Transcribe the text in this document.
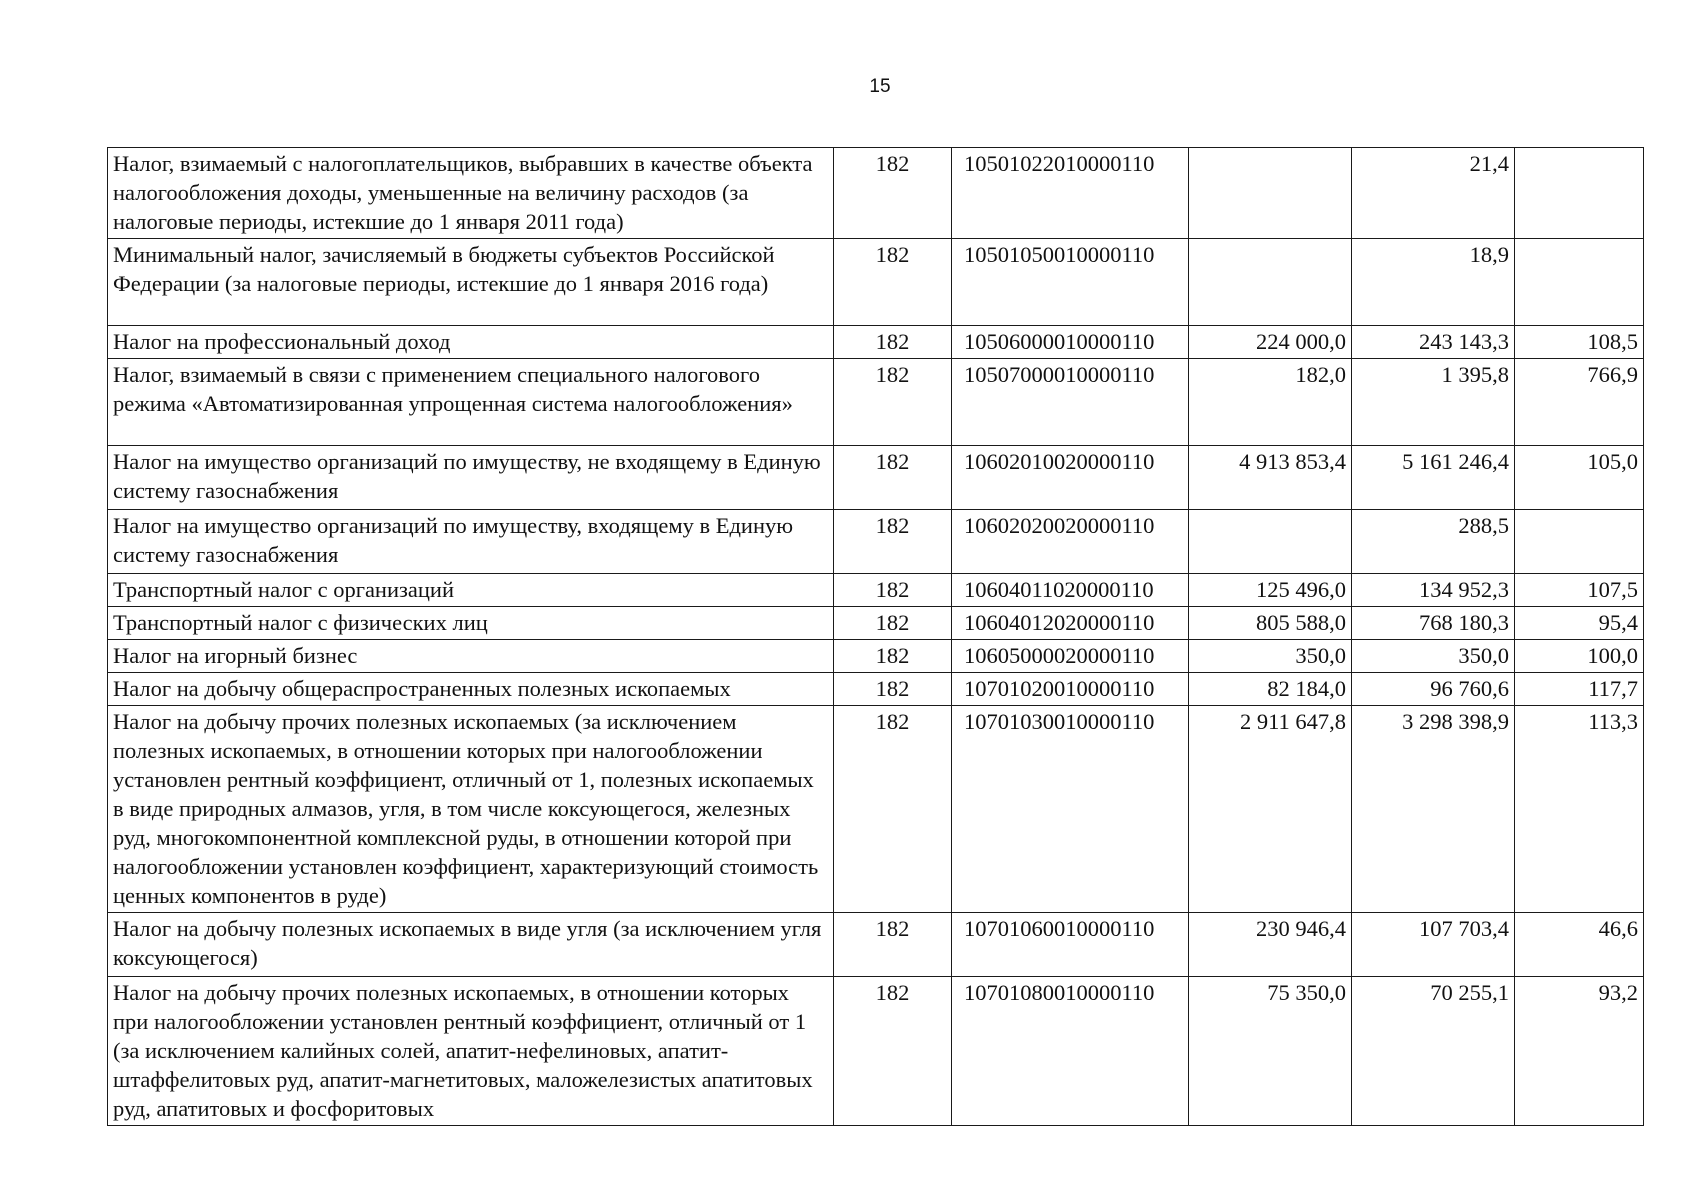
15
Налог, взимаемый с налогоплательщиков, выбравших в качестве объекта налогообложения доходы, уменьшенные на величину расходов (за налоговые периоды, истекшие до 1 января 2011 года)	182	10501022010000110		21,4	
Минимальный налог, зачисляемый в бюджеты субъектов Российской Федерации (за налоговые периоды, истекшие до 1 января 2016 года)	182	10501050010000110		18,9	
Налог на профессиональный доход	182	10506000010000110	224 000,0	243 143,3	108,5
Налог, взимаемый в связи с применением специального налогового режима «Автоматизированная упрощенная система налогообложения»	182	10507000010000110	182,0	1 395,8	766,9
Налог на имущество организаций по имуществу, не входящему в Единую систему газоснабжения	182	10602010020000110	4 913 853,4	5 161 246,4	105,0
Налог на имущество организаций по имуществу, входящему в Единую систему газоснабжения	182	10602020020000110		288,5	
Транспортный налог с организаций	182	10604011020000110	125 496,0	134 952,3	107,5
Транспортный налог с физических лиц	182	10604012020000110	805 588,0	768 180,3	95,4
Налог на игорный бизнес	182	10605000020000110	350,0	350,0	100,0
Налог на добычу общераспространенных полезных ископаемых	182	10701020010000110	82 184,0	96 760,6	117,7
Налог на добычу прочих полезных ископаемых (за исключением полезных ископаемых, в отношении которых при налогообложении установлен рентный коэффициент, отличный от 1, полезных ископаемых в виде природных алмазов, угля, в том числе коксующегося, железных руд, многокомпонентной комплексной руды, в отношении которой при налогообложении установлен коэффициент, характеризующий стоимость ценных компонентов в руде)	182	10701030010000110	2 911 647,8	3 298 398,9	113,3
Налог на добычу полезных ископаемых в виде угля (за исключением угля коксующегося)	182	10701060010000110	230 946,4	107 703,4	46,6
Налог на добычу прочих полезных ископаемых, в отношении которых при налогообложении установлен рентный коэффициент, отличный от 1 (за исключением калийных солей, апатит-нефелиновых, апатит-штаффелитовых руд, апатит-магнетитовых, маложелезистых апатитовых руд, апатитовых и фосфоритовых	182	10701080010000110	75 350,0	70 255,1	93,2
